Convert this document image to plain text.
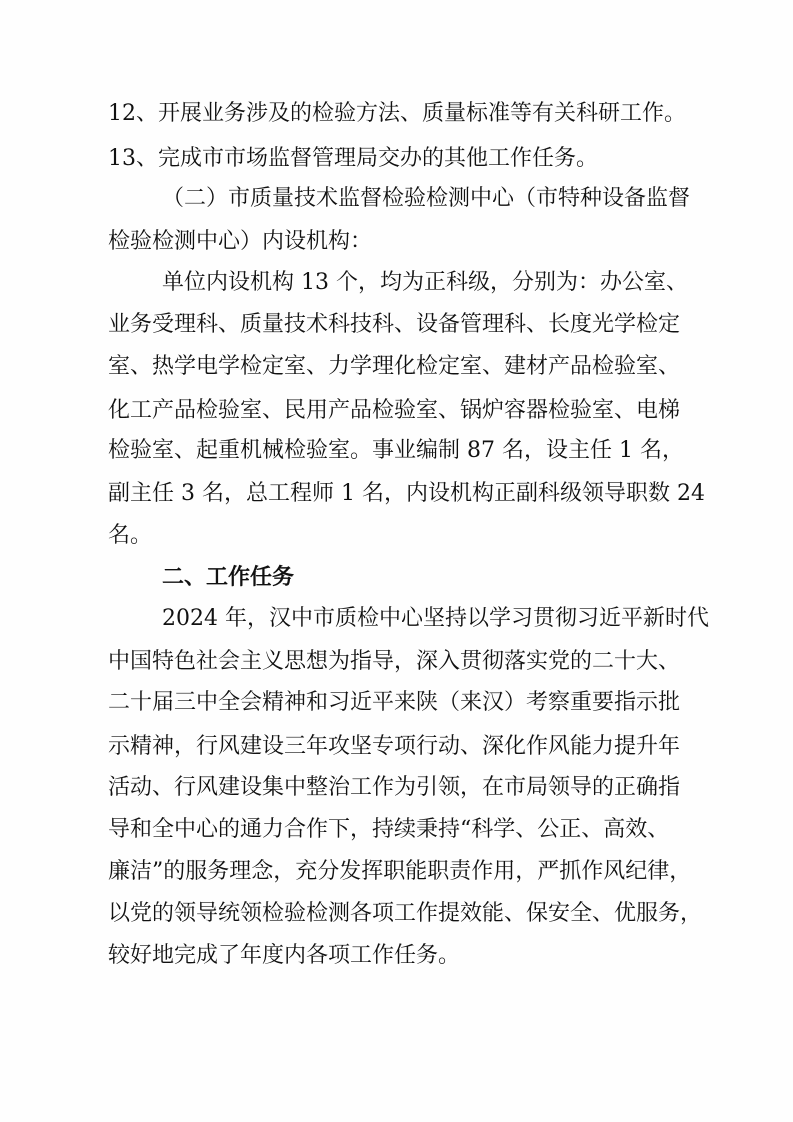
12、开展业务涉及的检验方法、质量标准等有关科研工作。
13、完成市市场监督管理局交办的其他工作任务。
（二）市质量技术监督检验检测中心（市特种设备监督
检验检测中心）内设机构：
单位内设机构 13 个，均为正科级，分别为：办公室、
业务受理科、质量技术科技科、设备管理科、长度光学检定
室、热学电学检定室、力学理化检定室、建材产品检验室、
化工产品检验室、民用产品检验室、锅炉容器检验室、电梯
检验室、起重机械检验室。事业编制 87 名，设主任 1 名，
副主任 3 名，总工程师 1 名，内设机构正副科级领导职数 24
名。
二、工作任务
2024 年，汉中市质检中心坚持以学习贯彻习近平新时代
中国特色社会主义思想为指导，深入贯彻落实党的二十大、
二十届三中全会精神和习近平来陕（来汉）考察重要指示批
示精神，行风建设三年攻坚专项行动、深化作风能力提升年
活动、行风建设集中整治工作为引领，在市局领导的正确指
导和全中心的通力合作下，持续秉持“科学、公正、高效、
廉洁”的服务理念，充分发挥职能职责作用，严抓作风纪律，
以党的领导统领检验检测各项工作提效能、保安全、优服务，
较好地完成了年度内各项工作任务。
